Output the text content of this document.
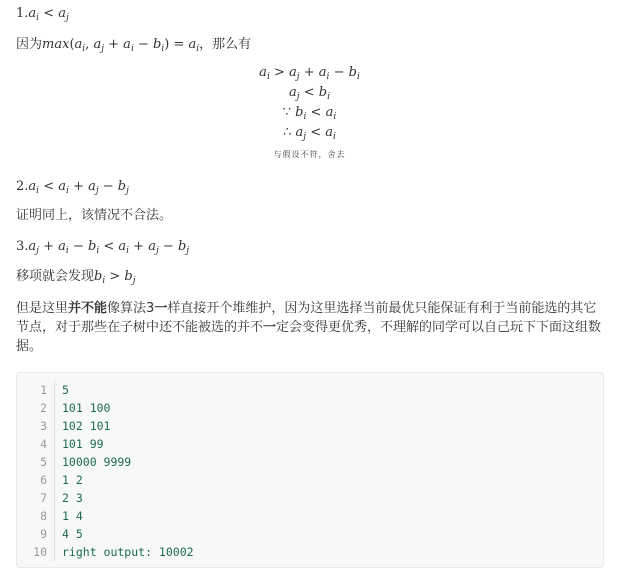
$1.a_i < a_j$
因为$\max(a_i$, $a_j + a_i - b_i) = a_i$，那么有
$a_i > a_j + a_i - b_i$
$a_j < b_i$
∵ $b_i < a_i$
∴ $a_j < a_i$
与假设不符，舍去
$2.a_i < a_i + a_j - b_j$
证明同上，该情况不合法。
$3.a_j + a_i - b_i < a_i + a_j - b_j$
移项就会发现$b_i > b_j$
但是这里并不能像算法3一样直接开个堆维护，因为这里选择当前最优只能保证有利于当前能选的其它节点，对于那些在子树中还不能被选的并不一定会变得更优秀，不理解的同学可以自己玩下下面这组数据。
1 5
2 101 100
3 102 101
4 101 99
5 10000 9999
6 1 2
7 2 3
8 1 4
9 4 5
10 right output: 10002
